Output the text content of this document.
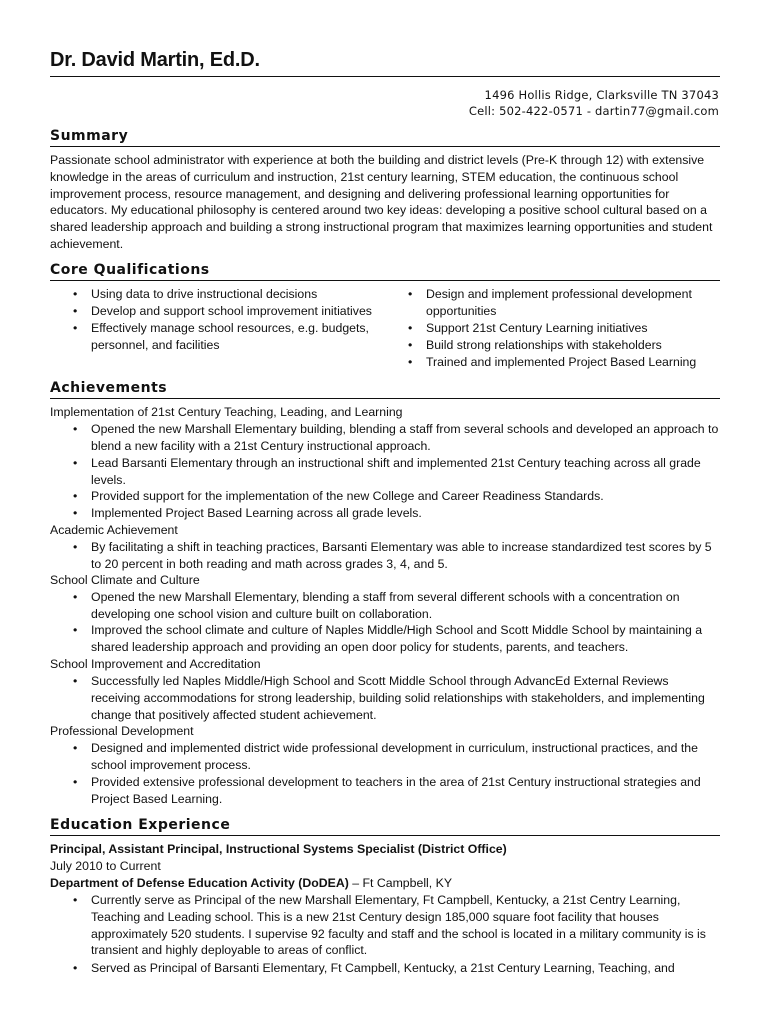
Dr. David Martin, Ed.D.
1496 Hollis Ridge, Clarksville TN 37043
Cell: 502-422-0571 - dartin77@gmail.com
Summary
Passionate school administrator with experience at both the building and district levels (Pre-K through 12) with extensive knowledge in the areas of curriculum and instruction, 21st century learning, STEM education, the continuous school improvement process, resource management, and designing and delivering professional learning opportunities for educators. My educational philosophy is centered around two key ideas: developing a positive school cultural based on a shared leadership approach and building a strong instructional program that maximizes learning opportunities and student achievement.
Core Qualifications
• Using data to drive instructional decisions
• Develop and support school improvement initiatives
• Effectively manage school resources, e.g. budgets, personnel, and facilities
• Design and implement professional development opportunities
• Support 21st Century Learning initiatives
• Build strong relationships with stakeholders
• Trained and implemented Project Based Learning
Achievements
Implementation of 21st Century Teaching, Leading, and Learning
• Opened the new Marshall Elementary building, blending a staff from several schools and developed an approach to blend a new facility with a 21st Century instructional approach.
• Lead Barsanti Elementary through an instructional shift and implemented 21st Century teaching across all grade levels.
• Provided support for the implementation of the new College and Career Readiness Standards.
• Implemented Project Based Learning across all grade levels.
Academic Achievement
• By facilitating a shift in teaching practices, Barsanti Elementary was able to increase standardized test scores by 5 to 20 percent in both reading and math across grades 3, 4, and 5.
School Climate and Culture
• Opened the new Marshall Elementary, blending a staff from several different schools with a concentration on developing one school vision and culture built on collaboration.
• Improved the school climate and culture of Naples Middle/High School and Scott Middle School by maintaining a shared leadership approach and providing an open door policy for students, parents, and teachers.
School Improvement and Accreditation
• Successfully led Naples Middle/High School and Scott Middle School through AdvancEd External Reviews receiving accommodations for strong leadership, building solid relationships with stakeholders, and implementing change that positively affected student achievement.
Professional Development
• Designed and implemented district wide professional development in curriculum, instructional practices, and the school improvement process.
• Provided extensive professional development to teachers in the area of 21st Century instructional strategies and Project Based Learning.
Education Experience
Principal, Assistant Principal, Instructional Systems Specialist (District Office)
July 2010 to Current
Department of Defense Education Activity (DoDEA) – Ft Campbell, KY
• Currently serve as Principal of the new Marshall Elementary, Ft Campbell, Kentucky, a 21st Centry Learning, Teaching and Leading school. This is a new 21st Century design 185,000 square foot facility that houses approximately 520 students. I supervise 92 faculty and staff and the school is located in a military community is is transient and highly deployable to areas of conflict.
• Served as Principal of Barsanti Elementary, Ft Campbell, Kentucky, a 21st Century Learning, Teaching, and
